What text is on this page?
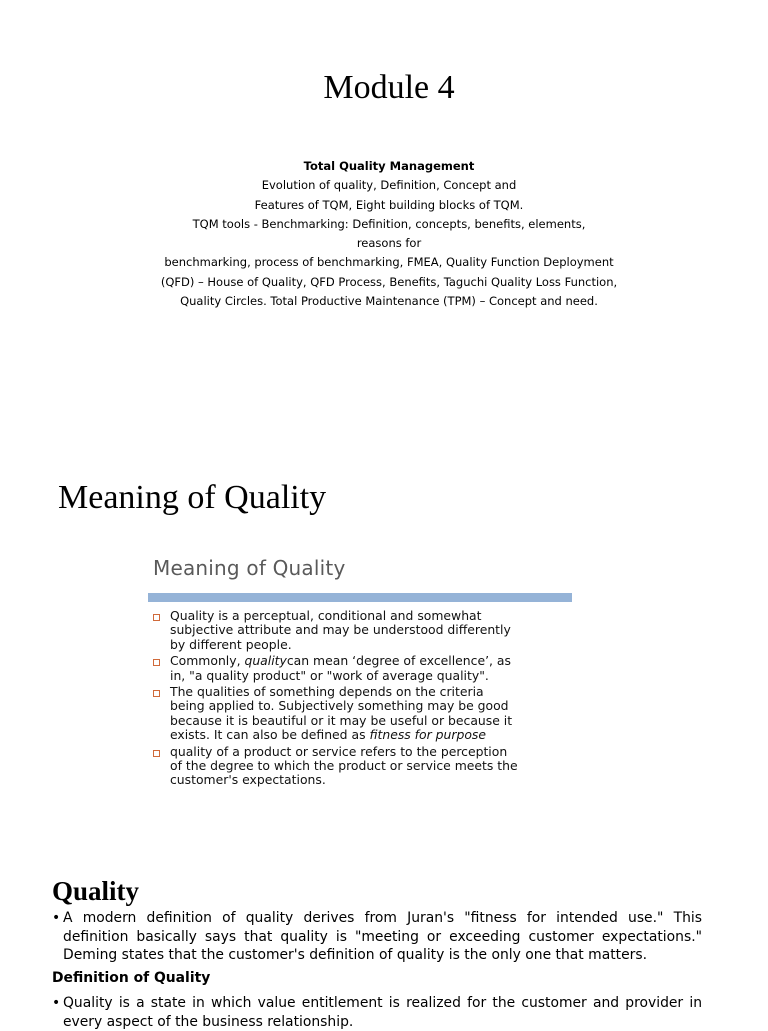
Module 4
Total Quality Management
Evolution of quality, Definition, Concept and
Features of TQM, Eight building blocks of TQM.
TQM tools - Benchmarking: Definition, concepts, benefits, elements,
reasons for
benchmarking, process of benchmarking, FMEA, Quality Function Deployment
(QFD) – House of Quality, QFD Process, Benefits, Taguchi Quality Loss Function,
Quality Circles. Total Productive Maintenance (TPM) – Concept and need.
Meaning of Quality
Meaning of Quality
Quality is a perceptual, conditional and somewhat
subjective attribute and may be understood differently
by different people.
Commonly, qualitycan mean ‘degree of excellence’, as
in, "a quality product" or "work of average quality".
The qualities of something depends on the criteria
being applied to. Subjectively something may be good
because it is beautiful or it may be useful or because it
exists. It can also be defined as fitness for purpose
quality of a product or service refers to the perception
of the degree to which the product or service meets the
customer's expectations.
Quality
• A modern definition of quality derives from Juran's "fitness for intended use." This definition basically says that quality is "meeting or exceeding customer expectations." Deming states that the customer's definition of quality is the only one that matters.
Definition of Quality
• Quality is a state in which value entitlement is realized for the customer and provider in every aspect of the business relationship.
